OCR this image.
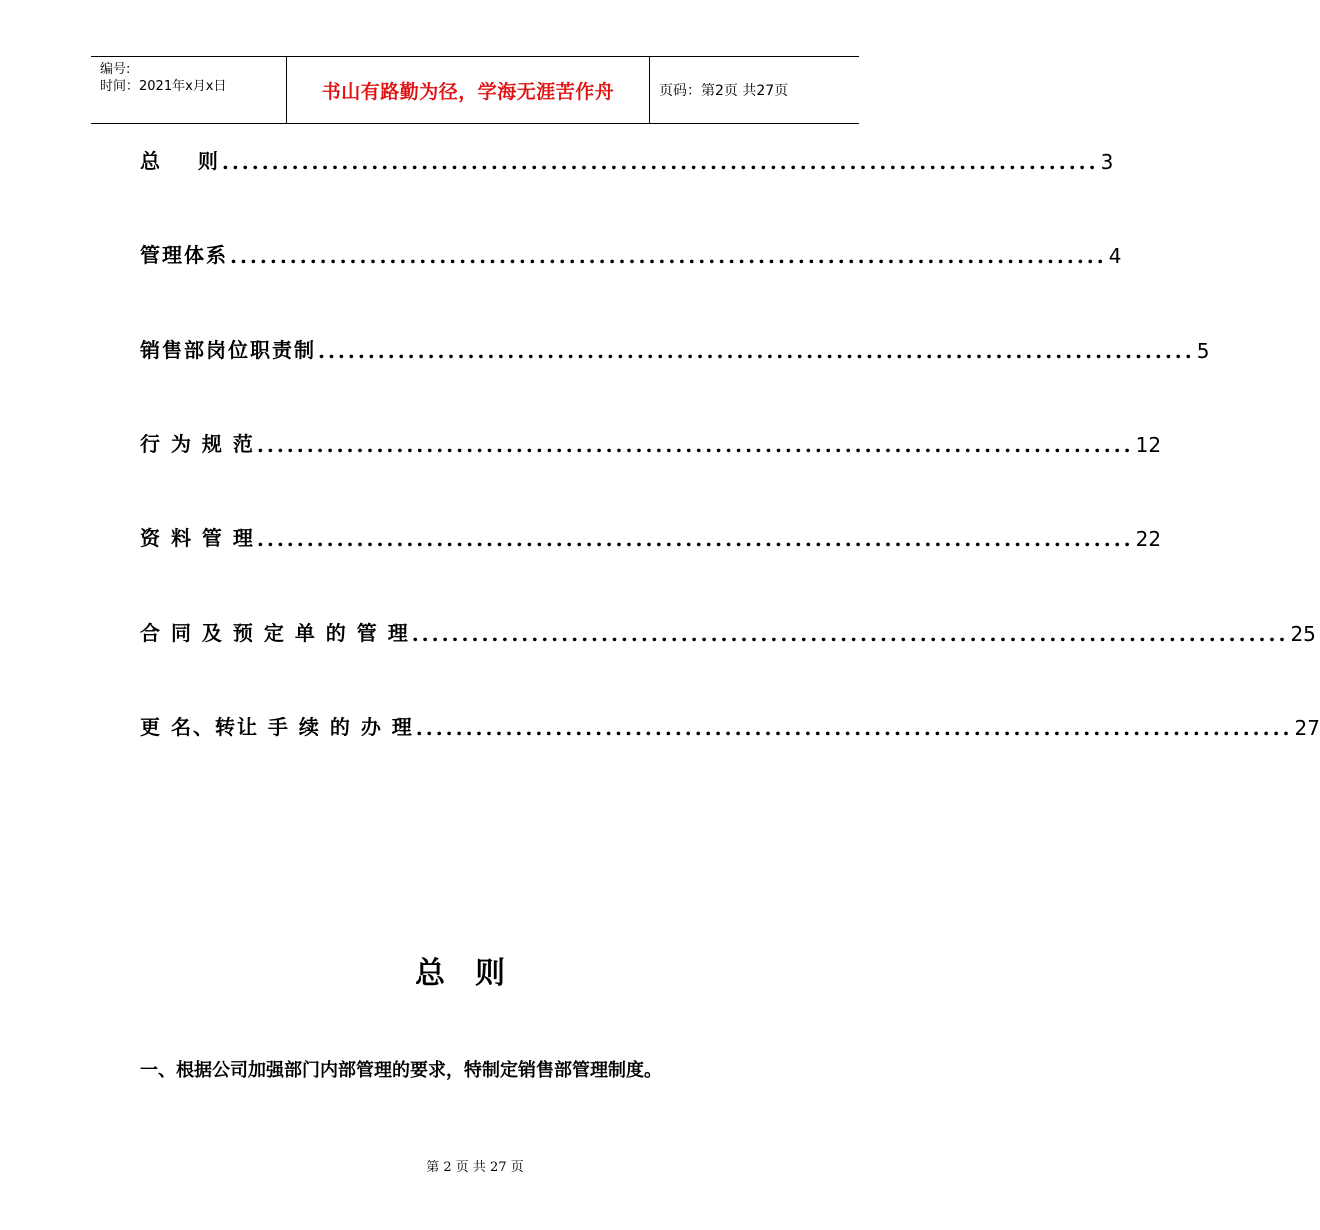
编号:
时间：2021年x月x日	书山有路勤为径，学海无涯苦作舟	页码：第2页 共27页
总    则 ........................................................................................ 3
管理体系 ........................................................................................ 4
销售部岗位职责制 ........................................................................................ 5
行 为 规 范 ........................................................................................ 12
资 料 管 理 ........................................................................................ 22
合 同 及 预 定 单 的 管 理 ........................................................................................ 25
更 名、转让 手 续 的 办 理 ........................................................................................ 27
总则
一、根据公司加强部门内部管理的要求，特制定销售部管理制度。
第 2 页 共 27 页
